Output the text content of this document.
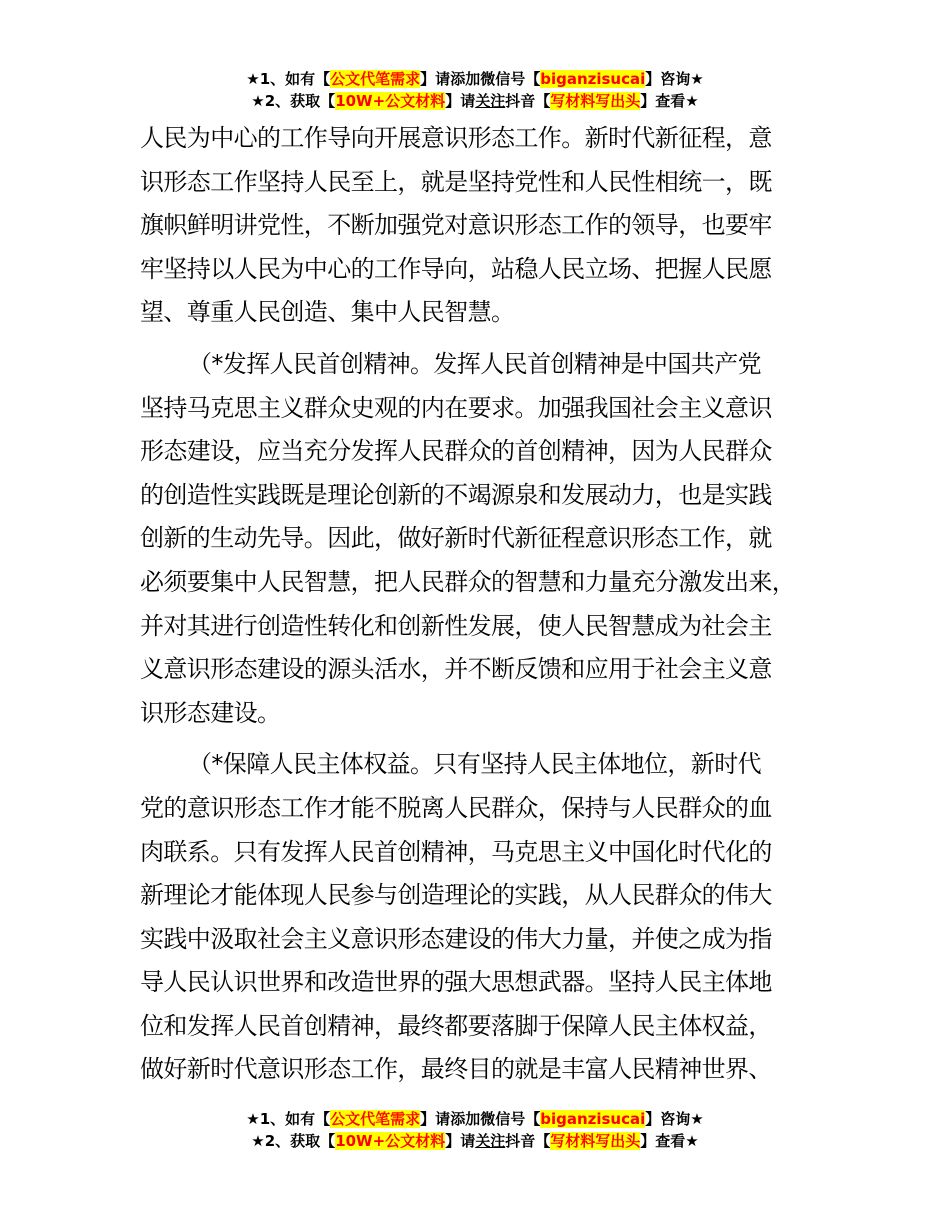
★1、如有【公文代笔需求】请添加微信号【biganzisucai】咨询★
★2、获取【10W+公文材料】请关注抖音【写材料写出头】查看★
人民为中心的工作导向开展意识形态工作。新时代新征程，意
识形态工作坚持人民至上，就是坚持党性和人民性相统一，既
旗帜鲜明讲党性，不断加强党对意识形态工作的领导，也要牢
牢坚持以人民为中心的工作导向，站稳人民立场、把握人民愿
望、尊重人民创造、集中人民智慧。
（*发挥人民首创精神。发挥人民首创精神是中国共产党
坚持马克思主义群众史观的内在要求。加强我国社会主义意识
形态建设，应当充分发挥人民群众的首创精神，因为人民群众
的创造性实践既是理论创新的不竭源泉和发展动力，也是实践
创新的生动先导。因此，做好新时代新征程意识形态工作，就
必须要集中人民智慧，把人民群众的智慧和力量充分激发出来，
并对其进行创造性转化和创新性发展，使人民智慧成为社会主
义意识形态建设的源头活水，并不断反馈和应用于社会主义意
识形态建设。
（*保障人民主体权益。只有坚持人民主体地位，新时代
党的意识形态工作才能不脱离人民群众，保持与人民群众的血
肉联系。只有发挥人民首创精神，马克思主义中国化时代化的
新理论才能体现人民参与创造理论的实践，从人民群众的伟大
实践中汲取社会主义意识形态建设的伟大力量，并使之成为指
导人民认识世界和改造世界的强大思想武器。坚持人民主体地
位和发挥人民首创精神，最终都要落脚于保障人民主体权益，
做好新时代意识形态工作，最终目的就是丰富人民精神世界、
★1、如有【公文代笔需求】请添加微信号【biganzisucai】咨询★
★2、获取【10W+公文材料】请关注抖音【写材料写出头】查看★
